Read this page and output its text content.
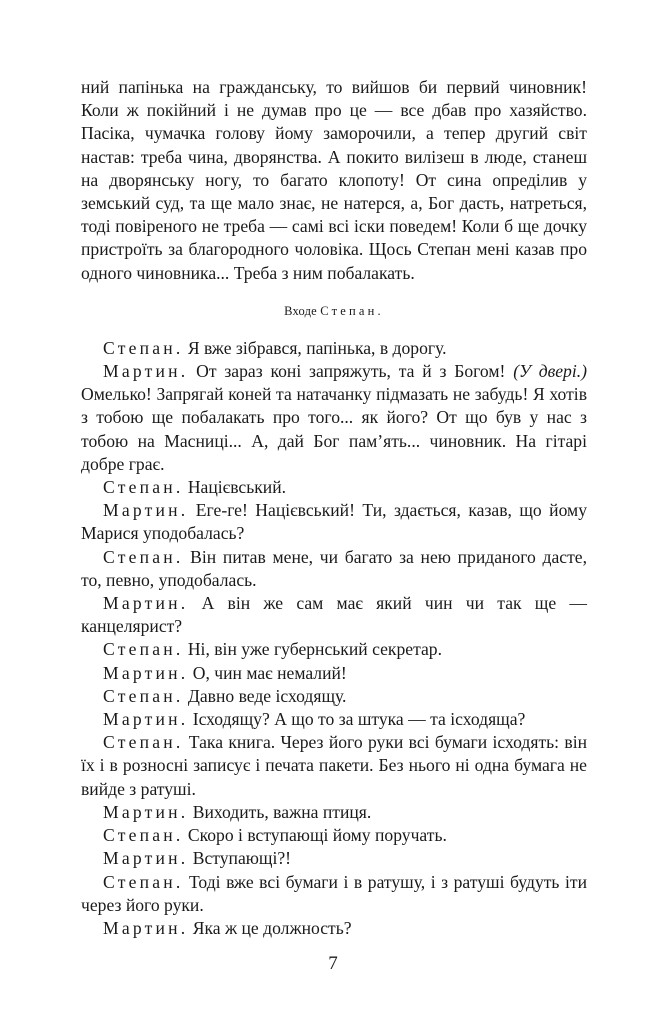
ний папінька на гражданську, то вийшов би первий чиновник! Коли ж покійний і не думав про це — все дбав про хазяйство. Пасіка, чумачка голову йому заморочили, а тепер другий світ настав: треба чина, дворянства. А покито вилізеш в люде, станеш на дворянську ногу, то багато клопоту! От сина опреділив у земський суд, та ще мало знає, не натерся, а, Бог дасть, натреться, тоді повіреного не треба — самі всі іски поведем! Коли б ще дочку пристроїть за благородного чоловіка. Щось Степан мені казав про одного чиновника... Треба з ним побалакать.

Входе Степан.

Степан. Я вже зібрався, папінька, в дорогу.

Мартин. От зараз коні запряжуть, та й з Богом! (У двері.) Омелько! Запрягай коней та натачанку підмазать не забудь! Я хотів з тобою ще побалакать про того... як його? От що був у нас з тобою на Масниці... А, дай Бог пам’ять... чиновник. На гітарі добре грає.

Степан. Націєвський.

Мартин. Еге-ге! Націєвський! Ти, здається, казав, що йому Марися уподобалась?

Степан. Він питав мене, чи багато за нею приданого дасте, то, певно, уподобалась.

Мартин. А він же сам має який чин чи так ще — канцелярист?

Степан. Ні, він уже губернський секретар.

Мартин. О, чин має немалий!

Степан. Давно веде ісходящу.

Мартин. Ісходящу? А що то за штука — та ісходяща?

Степан. Така книга. Через його руки всі бумаги ісходять: він їх і в розносні записує і печата пакети. Без нього ні одна бумага не вийде з ратуші.

Мартин. Виходить, важна птиця.

Степан. Скоро і вступающі йому поручать.

Мартин. Вступающі?!

Степан. Тоді вже всі бумаги і в ратушу, і з ратуші будуть іти через його руки.

Мартин. Яка ж це должность?

7
